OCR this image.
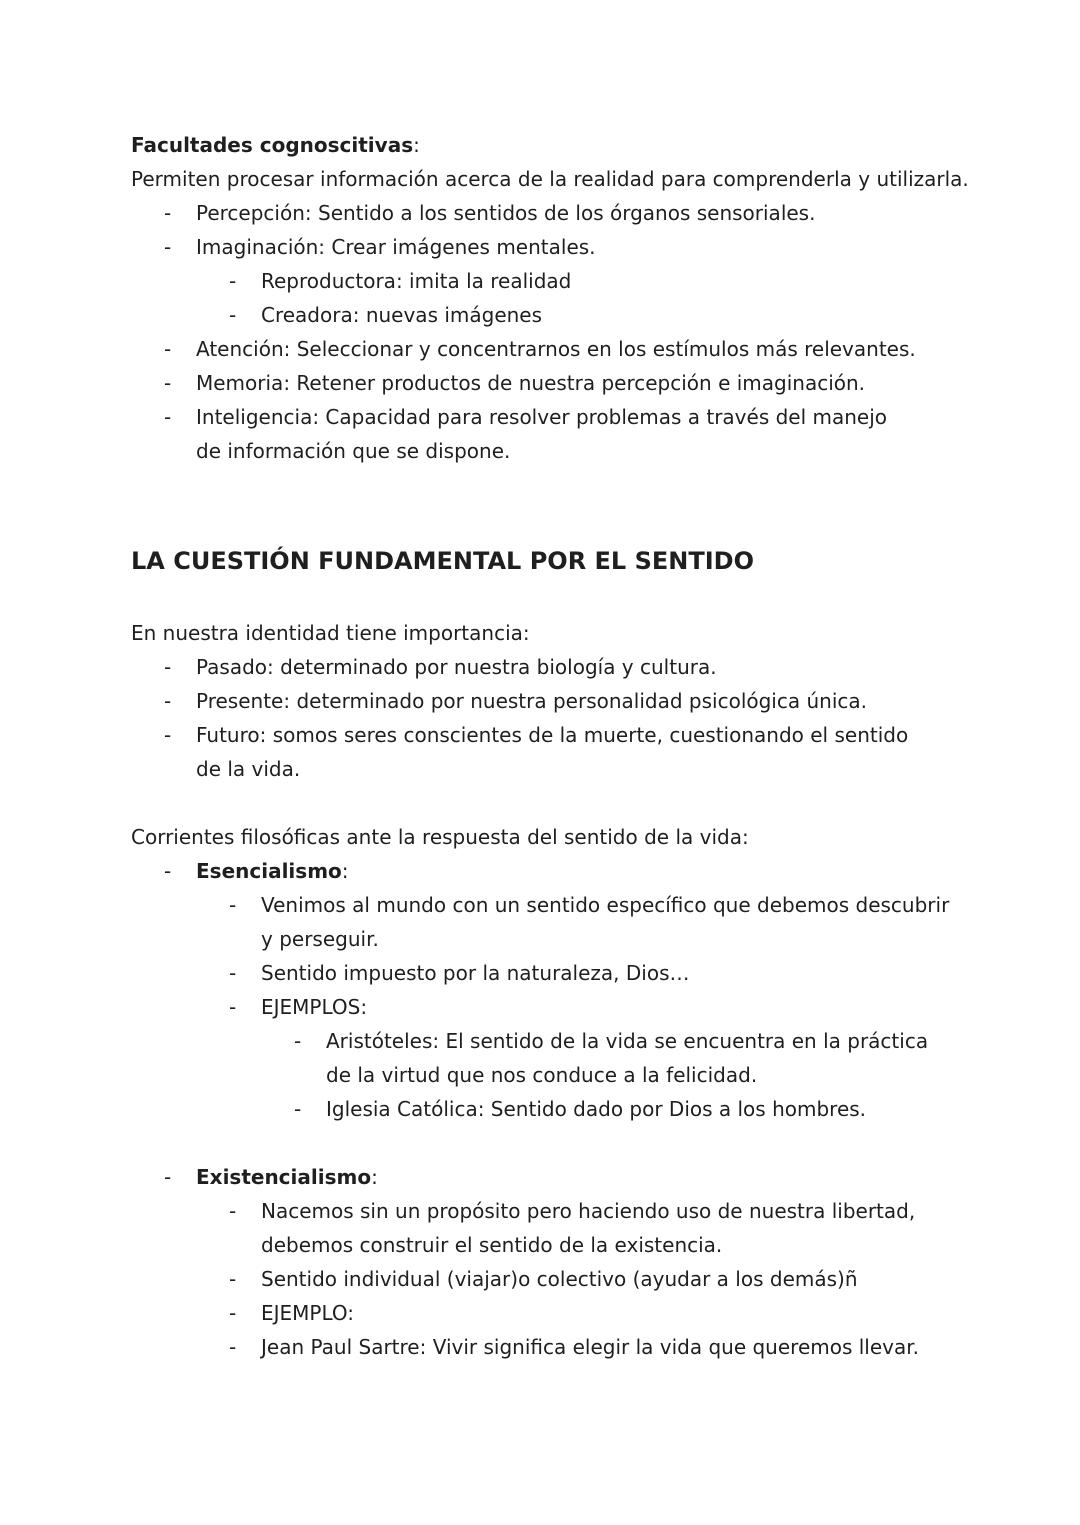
Facultades cognoscitivas:

Permiten procesar información acerca de la realidad para comprenderla y utilizarla.

- Percepción: Sentido a los sentidos de los órganos sensoriales.
- Imaginación: Crear imágenes mentales.
- Reproductora: imita la realidad
- Creadora: nuevas imágenes
- Atención: Seleccionar y concentrarnos en los estímulos más relevantes.
- Memoria: Retener productos de nuestra percepción e imaginación.
- Inteligencia: Capacidad para resolver problemas a través del manejo de información que se dispone.

LA CUESTIÓN FUNDAMENTAL POR EL SENTIDO

En nuestra identidad tiene importancia:

- Pasado: determinado por nuestra biología y cultura.
- Presente: determinado por nuestra personalidad psicológica única.
- Futuro: somos seres conscientes de la muerte, cuestionando el sentido de la vida.

Corrientes filosóficas ante la respuesta del sentido de la vida:

- Esencialismo:
- Venimos al mundo con un sentido específico que debemos descubrir y perseguir.
- Sentido impuesto por la naturaleza, Dios…
- EJEMPLOS:
- Aristóteles: El sentido de la vida se encuentra en la práctica de la virtud que nos conduce a la felicidad.
- Iglesia Católica: Sentido dado por Dios a los hombres.
- Existencialismo:
- Nacemos sin un propósito pero haciendo uso de nuestra libertad, debemos construir el sentido de la existencia.
- Sentido individual (viajar)o colectivo (ayudar a los demás)ñ
- EJEMPLO:
- Jean Paul Sartre: Vivir significa elegir la vida que queremos llevar.
